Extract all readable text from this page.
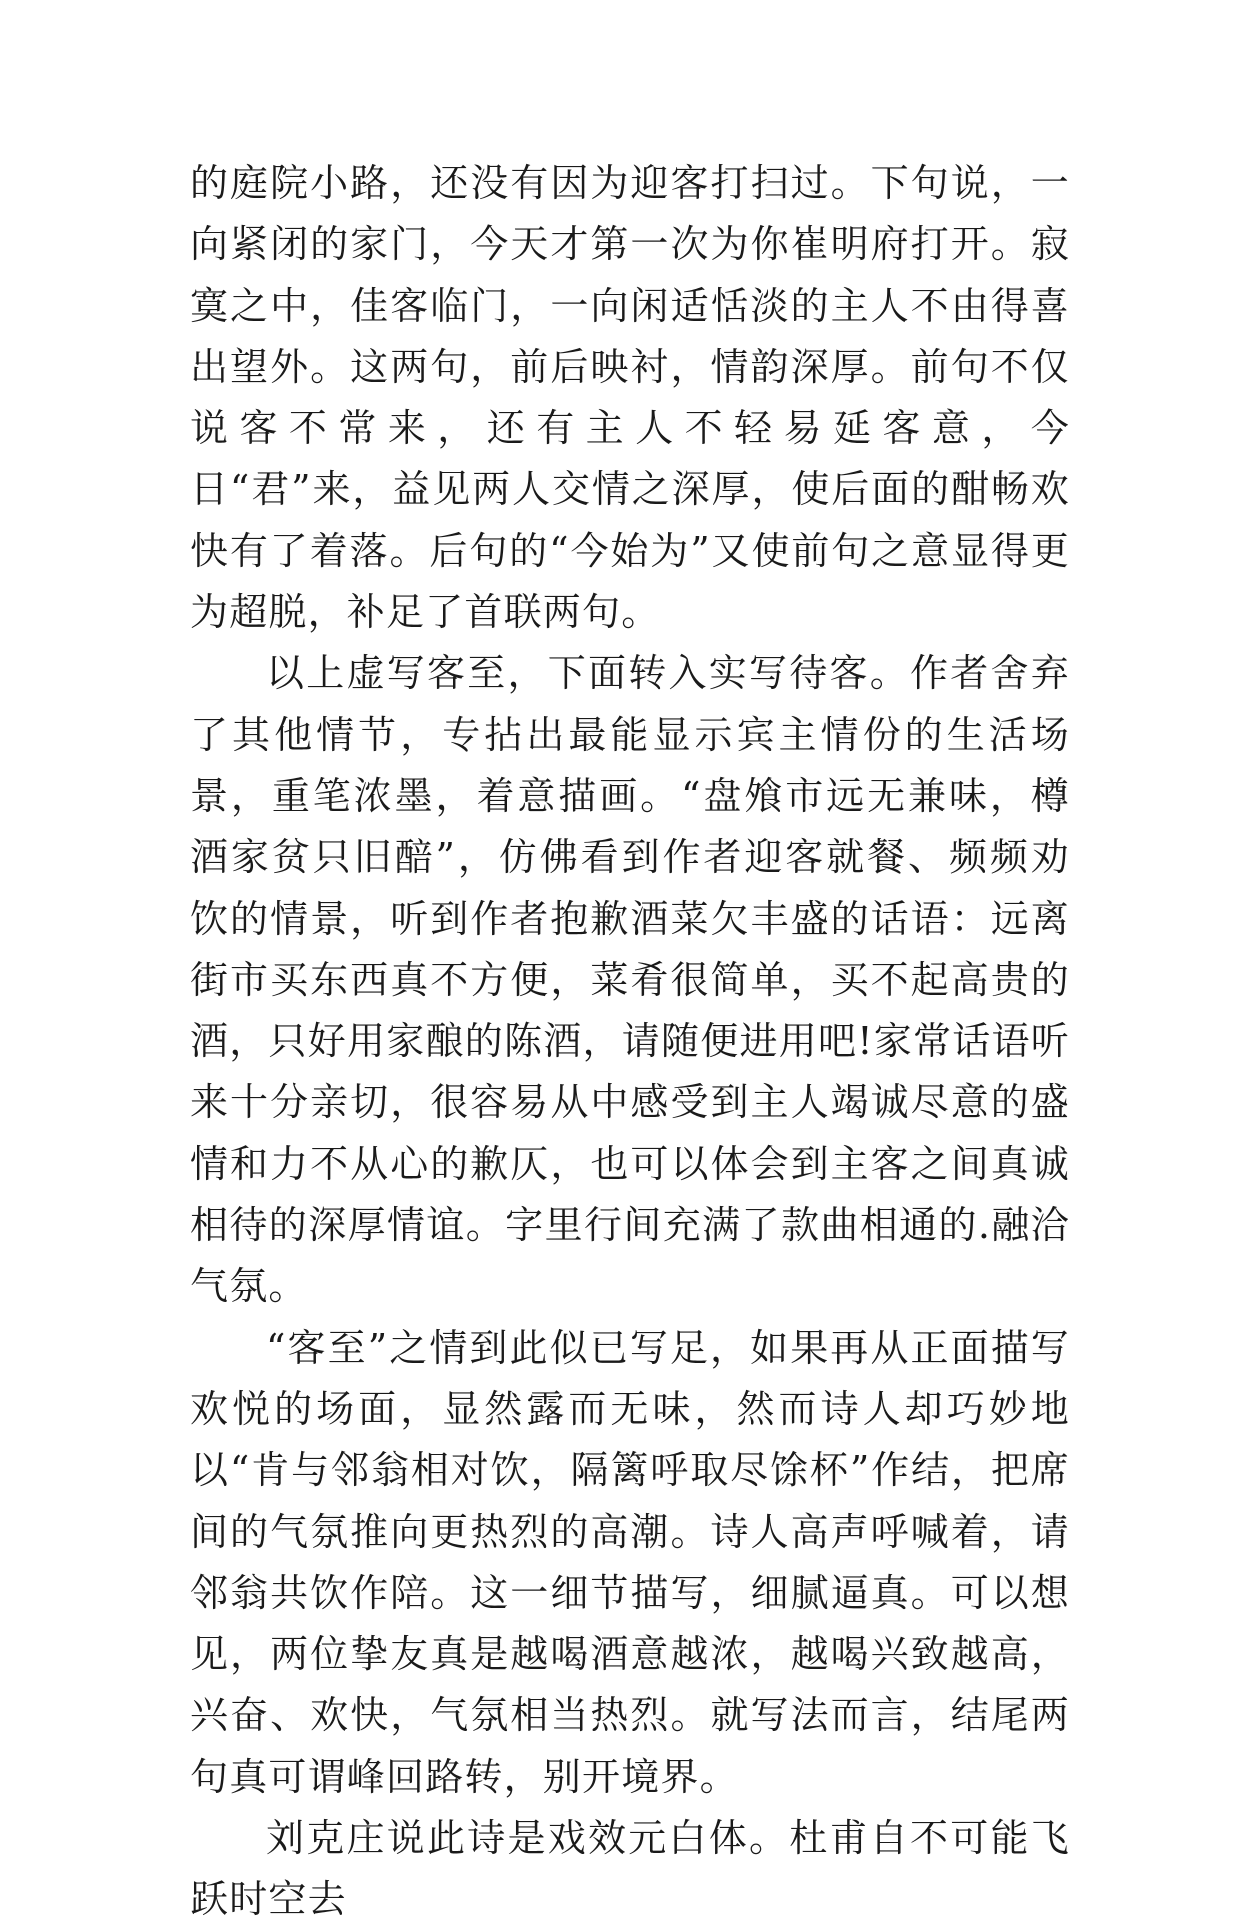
的庭院小路，还没有因为迎客打扫过。下句说，一向紧闭的家门，今天才第一次为你崔明府打开。寂寞之中，佳客临门，一向闲适恬淡的主人不由得喜出望外。这两句，前后映衬，情韵深厚。前句不仅说客不常来，还有主人不轻易延客意，今日“君”来，益见两人交情之深厚，使后面的酣畅欢快有了着落。后句的“今始为”又使前句之意显得更为超脱，补足了首联两句。

以上虚写客至，下面转入实写待客。作者舍弃了其他情节，专拈出最能显示宾主情份的生活场景，重笔浓墨，着意描画。“盘飧市远无兼味，樽酒家贫只旧醅”，仿佛看到作者迎客就餐、频频劝饮的情景，听到作者抱歉酒菜欠丰盛的话语：远离街市买东西真不方便，菜肴很简单，买不起高贵的酒，只好用家酿的陈酒，请随便进用吧!家常话语听来十分亲切，很容易从中感受到主人竭诚尽意的盛情和力不从心的歉仄，也可以体会到主客之间真诚相待的深厚情谊。字里行间充满了款曲相通的.融洽气氛。

“客至”之情到此似已写足，如果再从正面描写欢悦的场面，显然露而无味，然而诗人却巧妙地以“肯与邻翁相对饮，隔篱呼取尽馀杯”作结，把席间的气氛推向更热烈的高潮。诗人高声呼喊着，请邻翁共饮作陪。这一细节描写，细腻逼真。可以想见，两位挚友真是越喝酒意越浓，越喝兴致越高，兴奋、欢快，气氛相当热烈。就写法而言，结尾两句真可谓峰回路转，别开境界。

刘克庄说此诗是戏效元白体。杜甫自不可能飞跃时空去
